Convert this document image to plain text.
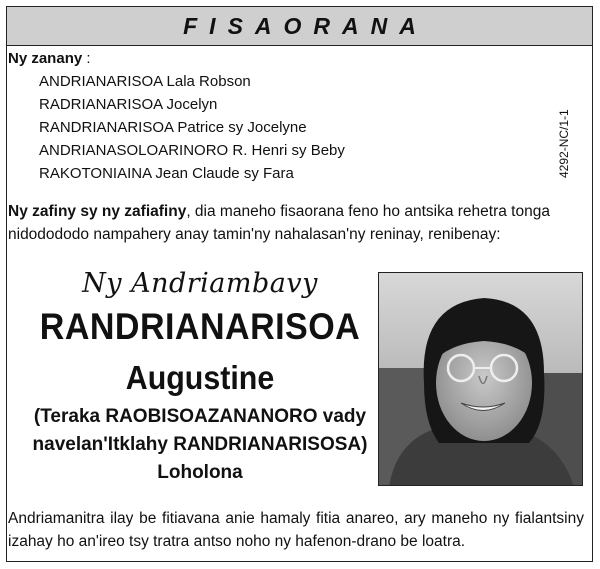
FISAORANA
4292-NC/1-1
Ny zanany :
ANDRIANARISOA Lala Robson
RADRIANARISOA Jocelyn
RANDRIANARISOA Patrice sy Jocelyne
ANDRIANASOLOARINORO R. Henri sy Beby
RAKOTONIAINA Jean Claude sy Fara
Ny zafiny sy ny zafiafiny, dia maneho fisaorana feno ho antsika rehetra tonga
nidodododo nampahery anay tamin'ny nahalasan'ny reninay, renibenay:
Ny Andriambavy
RANDRIANARISOA
Augustine
(Teraka RAOBISOAZANANORO vady
navelan'Itklahy RANDRIANARISOSA)
Loholona
Andriamanitra ilay be fitiavana anie hamaly fitia anareo, ary maneho ny fialantsiny izahay ho an'ireo tsy tratra antso noho ny hafenon-drano be loatra.
